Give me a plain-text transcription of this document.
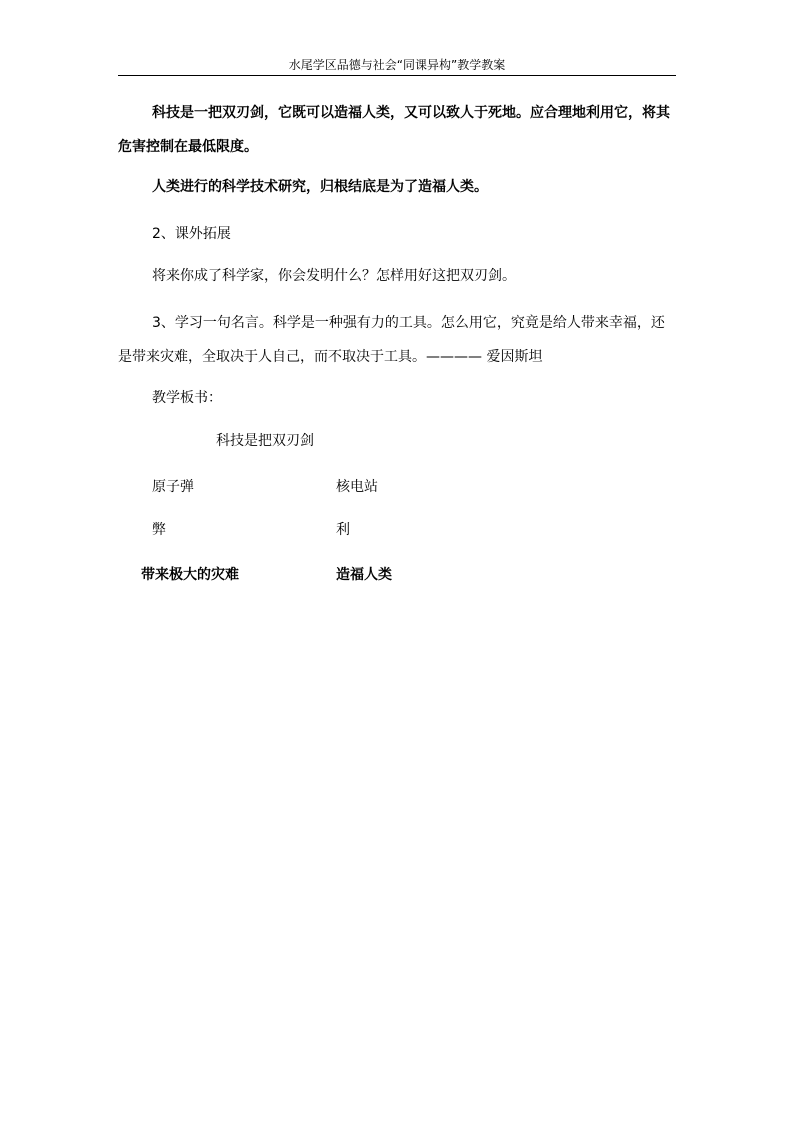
水尾学区品德与社会“同课异构”教学教案
科技是一把双刃剑，它既可以造福人类，又可以致人于死地。应合理地利用它，将其危害控制在最低限度。
人类进行的科学技术研究，归根结底是为了造福人类。
2、课外拓展
将来你成了科学家，你会发明什么？怎样用好这把双刃剑。
3、学习一句名言。科学是一种强有力的工具。怎么用它，究竟是给人带来幸福，还是带来灾难，全取决于人自己，而不取决于工具。———— 爱因斯坦
教学板书：
科技是把双刃剑
原子弹	核电站
弊	利
带来极大的灾难	造福人类
